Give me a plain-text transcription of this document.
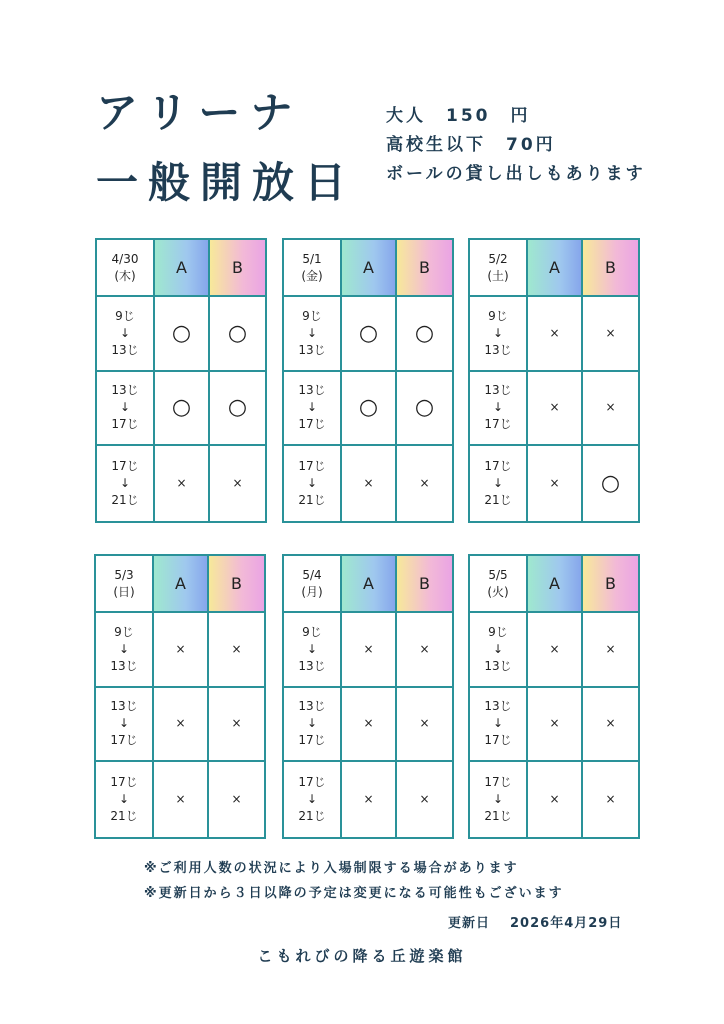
アリーナ
一般開放日
大人　150　円
高校生以下　70円
ボールの貸し出しもあります
4/30
(木)	A	B
9じ
↓
13じ
○	○
13じ
↓
17じ
○	○
17じ
↓
21じ
×	×
5/1
(金)	A	B
9じ
↓
13じ
○	○
13じ
↓
17じ
○	○
17じ
↓
21じ
×	×
5/2
(土)	A	B
9じ
↓
13じ
×	×
13じ
↓
17じ
×	×
17じ
↓
21じ
×	○
5/3
(日)	A	B
9じ
↓
13じ
×	×
13じ
↓
17じ
×	×
17じ
↓
21じ
×	×
5/4
(月)	A	B
9じ
↓
13じ
×	×
13じ
↓
17じ
×	×
17じ
↓
21じ
×	×
5/5
(火)	A	B
9じ
↓
13じ
×	×
13じ
↓
17じ
×	×
17じ
↓
21じ
×	×
※ご利用人数の状況により入場制限する場合があります
※更新日から３日以降の予定は変更になる可能性もございます
更新日 2026年4月29日
こもれびの降る丘遊楽館
